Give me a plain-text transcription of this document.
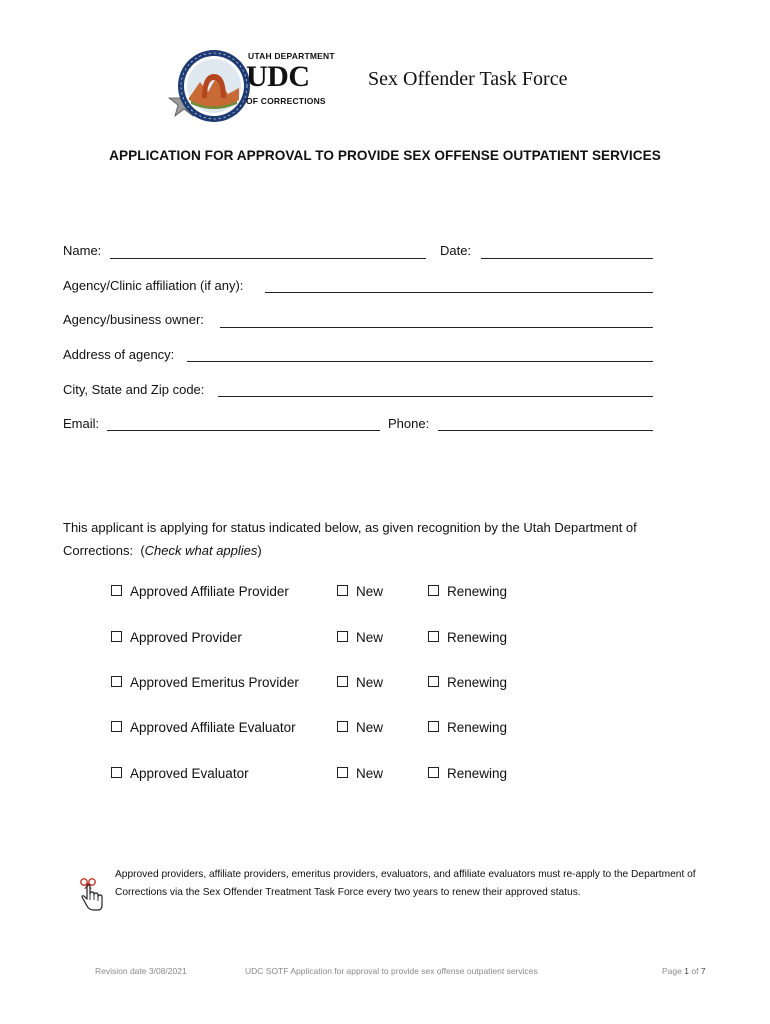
UTAH DEPARTMENT
UDC
OF CORRECTIONS
Sex Offender Task Force
APPLICATION FOR APPROVAL TO PROVIDE SEX OFFENSE OUTPATIENT SERVICES
Name:	Date:
Agency/Clinic affiliation (if any):
Agency/business owner:
Address of agency:
City, State and Zip code:
Email:	Phone:
This applicant is applying for status indicated below, as given recognition by the Utah Department of Corrections: (Check what applies)
Approved Affiliate Provider	New	Renewing
Approved Provider	New	Renewing
Approved Emeritus Provider	New	Renewing
Approved Affiliate Evaluator	New	Renewing
Approved Evaluator	New	Renewing
Approved providers, affiliate providers, emeritus providers, evaluators, and affiliate evaluators must re-apply to the Department of Corrections via the Sex Offender Treatment Task Force every two years to renew their approved status.
Revision date 3/08/2021	UDC SOTF Application for approval to provide sex offense outpatient services	Page 1 of 7
